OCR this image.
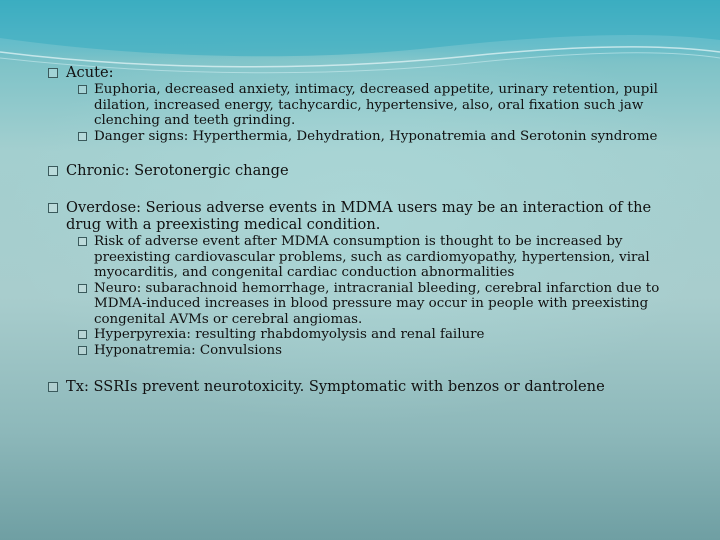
Acute:
Euphoria, decreased anxiety, intimacy, decreased appetite, urinary retention, pupil dilation, increased energy, tachycardic, hypertensive, also, oral fixation such jaw clenching and teeth grinding.
Danger signs: Hyperthermia, Dehydration, Hyponatremia and Serotonin syndrome
Chronic: Serotonergic change
Overdose: Serious adverse events in MDMA users may be an interaction of the drug with a preexisting medical condition.
Risk of adverse event after MDMA consumption is thought to be increased by preexisting cardiovascular problems, such as cardiomyopathy, hypertension, viral myocarditis, and congenital cardiac conduction abnormalities
Neuro: subarachnoid hemorrhage, intracranial bleeding, cerebral infarction due to MDMA-induced increases in blood pressure may occur in people with preexisting congenital AVMs or cerebral angiomas.
Hyperpyrexia: resulting rhabdomyolysis and renal failure
Hyponatremia: Convulsions
Tx: SSRIs prevent neurotoxicity. Symptomatic with benzos or dantrolene
